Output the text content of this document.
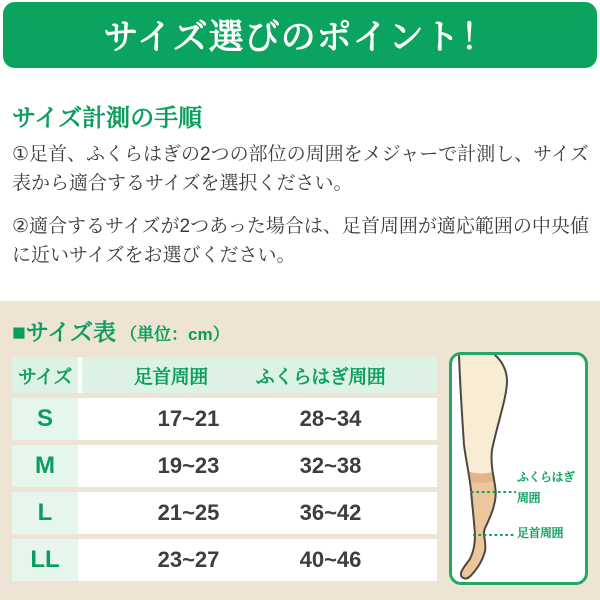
サイズ選びのポイント！
サイズ計測の手順

①足首、ふくらはぎの2つの部位の周囲をメジャーで計測し、サイズ表から適合するサイズを選択ください。

②適合するサイズが2つあった場合は、足首周囲が適応範囲の中央値に近いサイズをお選びください。

■サイズ表 （単位：cm）
サイズ	足首周囲 ふくらはぎ周囲

S	17~21 28~34

M	19~23 32~38

L	21~25 36~42

LL	23~27 40~46
ふくらはぎ
周囲
足首周囲
